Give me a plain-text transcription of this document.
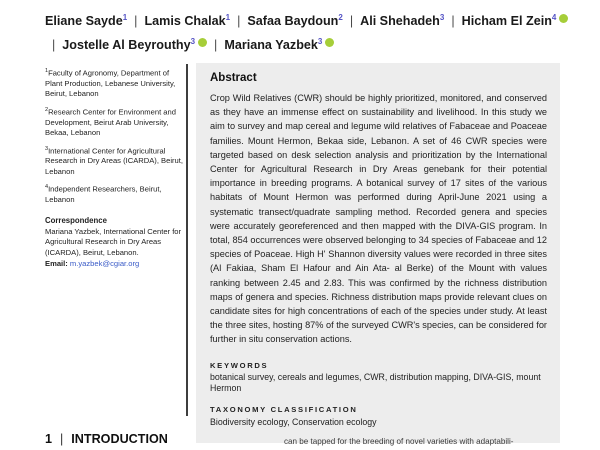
Eliane Sayde$^1$ | Lamis Chalak$^1$ | Safaa Baydoun$^2$ | Ali Shehadeh$^3$ | Hicham El Zein$^4$| Jostelle Al Beyrouthy$^3$ | Mariana Yazbek$^3$
$^1$Faculty of Agronomy, Department of Plant Production, Lebanese University, Beirut, Lebanon
$^2$Research Center for Environment and Development, Beirut Arab University, Bekaa, Lebanon
$^3$International Center for Agricultural Research in Dry Areas (ICARDA), Beirut, Lebanon
$^4$Independent Researchers, Beirut, Lebanon
Correspondence
Mariana Yazbek, International Center for Agricultural Research in Dry Areas (ICARDA), Beirut, Lebanon.
Email: m.yazbek@cgiar.org
Abstract
Crop Wild Relatives (CWR) should be highly prioritized, monitored, and conserved as they have an immense effect on sustainability and livelihood. In this study we aim to survey and map cereal and legume wild relatives of Fabaceae and Poaceae families. Mount Hermon, Bekaa side, Lebanon. A set of 46 CWR species were targeted based on desk selection analysis and prioritization by the International Center for Agricultural Research in Dry Areas genebank for their potential importance in breeding programs. A botanical survey of 17 sites of the various habitats of Mount Hermon was performed during April-June 2021 using a systematic transect/quadrate sampling method. Recorded genera and species were accurately georeferenced and then mapped with the DIVA-GIS program. In total, 854 occurrences were observed belonging to 34 species of Fabaceae and 12 species of Poaceae. High H' Shannon diversity values were recorded in three sites (Al Fakiaa, Sham El Hafour and Ain Ata- al Berke) of the Mount with values ranking between 2.45 and 2.83. This was confirmed by the richness distribution maps of genera and species. Richness distribution maps provide relevant clues on candidate sites for high concentrations of each of the species under study. At least the three sites, hosting 87% of the surveyed CWR's species, can be considered for further in situ conservation actions.
KEYWORDS
botanical survey, cereals and legumes, CWR, distribution mapping, DIVA-GIS, mount Hermon
TAXONOMY CLASSIFICATION
Biodiversity ecology, Conservation ecology
1 | INTRODUCTION	can be tapped for the breeding of novel varieties with adaptabili-
